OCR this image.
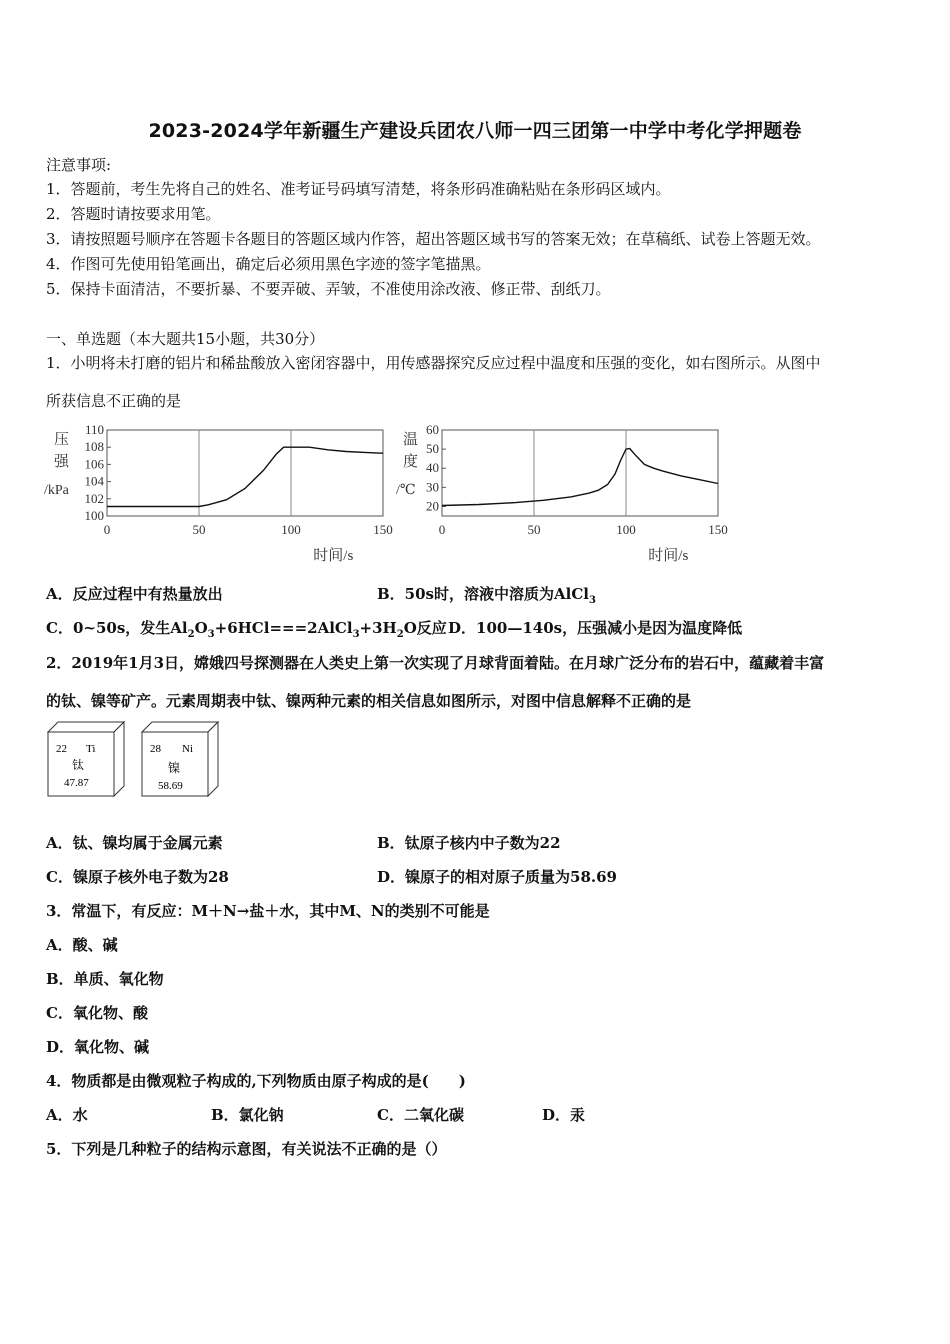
2023-2024学年新疆生产建设兵团农八师一四三团第一中学中考化学押题卷
注意事项:
1．答题前，考生先将自己的姓名、准考证号码填写清楚，将条形码准确粘贴在条形码区域内。
2．答题时请按要求用笔。
3．请按照题号顺序在答题卡各题目的答题区域内作答，超出答题区域书写的答案无效；在草稿纸、试卷上答题无效。
4．作图可先使用铅笔画出，确定后必须用黑色字迹的签字笔描黑。
5．保持卡面清洁，不要折暴、不要弄破、弄皱，不准使用涂改液、修正带、刮纸刀。
一、单选题（本大题共15小题，共30分）
1．小明将未打磨的铝片和稀盐酸放入密闭容器中，用传感器探究反应过程中温度和压强的变化，如右图所示。从图中
所获信息不正确的是
100
102
104
106
108
110
0	50	100	150
压
强
/kPa
时间/s
20
30
40
50
60
0	50	100	150
温
度
/℃
时间/s
A．反应过程中有热量放出	B．50s时，溶液中溶质为AlCl$_3$
C．0~50s，发生$Al_2O_3+6HCl===2AlCl_3+3H_2O$反应 D．100—140s，压强减小是因为温度降低
2．2019年1月3日，嫦娥四号探测器在人类史上第一次实现了月球背面着陆。在月球广泛分布的岩石中，蕴藏着丰富
的钛、镍等矿产。元素周期表中钛、镍两种元素的相关信息如图所示，对图中信息解释不正确的是
22 Ti
钛
47.87
28 Ni
镍
58.69
A．钛、镍均属于金属元素	B．钛原子核内中子数为22
C．镍原子核外电子数为28	D．镍原子的相对原子质量为58.69
3．常温下，有反应：M＋N→盐＋水，其中M、N的类别不可能是
A．酸、碱
B．单质、氧化物
C．氧化物、酸
D．氧化物、碱
4．物质都是由微观粒子构成的,下列物质由原子构成的是(　　)
A．水	B．氯化钠	C．二氧化碳	D．汞
5．下列是几种粒子的结构示意图，有关说法不正确的是（）
